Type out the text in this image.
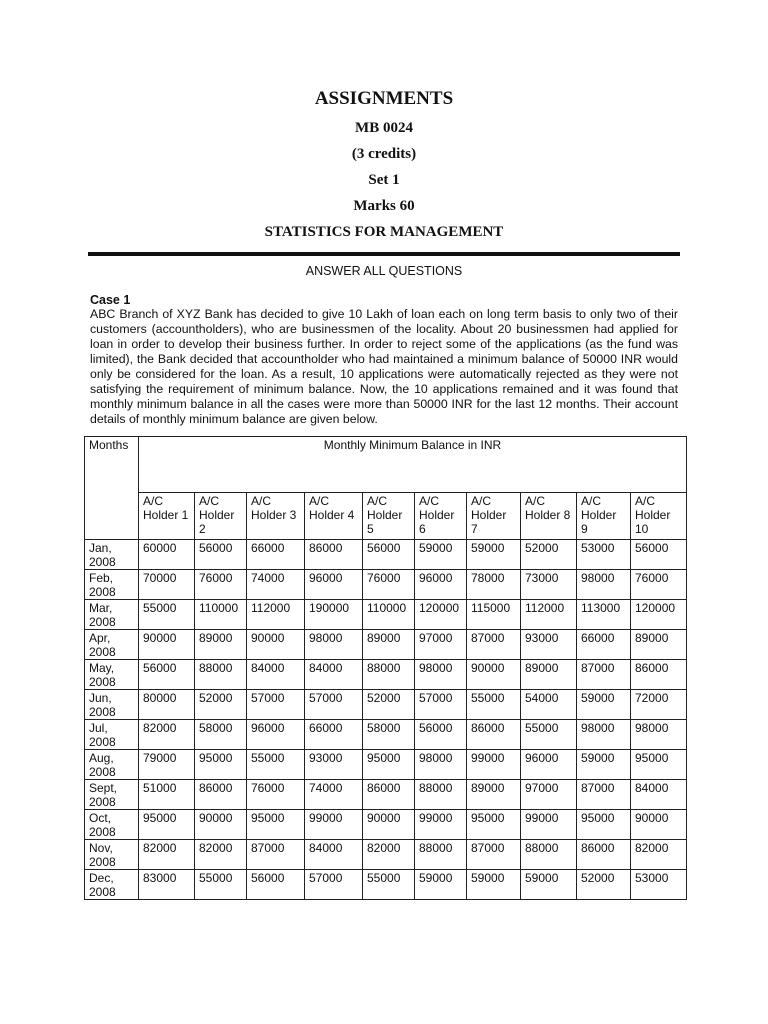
ASSIGNMENTS
MB 0024
(3 credits)
Set 1
Marks 60
STATISTICS FOR MANAGEMENT
ANSWER ALL QUESTIONS
Case 1
ABC Branch of XYZ Bank has decided to give 10 Lakh of loan each on long term basis to only two of their customers (accountholders), who are businessmen of the locality. About 20 businessmen had applied for loan in order to develop their business further. In order to reject some of the applications (as the fund was limited), the Bank decided that accountholder who had maintained a minimum balance of 50000 INR would only be considered for the loan. As a result, 10 applications were automatically rejected as they were not satisfying the requirement of minimum balance. Now, the 10 applications remained and it was found that monthly minimum balance in all the cases were more than 50000 INR for the last 12 months. Their account details of monthly minimum balance are given below.
Months	Monthly Minimum Balance in INR									
	A/C Holder 1	A/C Holder 2	A/C Holder 3	A/C Holder 4	A/C Holder 5	A/C Holder 6	A/C Holder 7	A/C Holder 8	A/C Holder 9	A/C Holder 10
Jan, 2008	60000	56000	66000	86000	56000	59000	59000	52000	53000	56000
Feb, 2008	70000	76000	74000	96000	76000	96000	78000	73000	98000	76000
Mar, 2008	55000	110000	112000	190000	110000	120000	115000	112000	113000	120000
Apr, 2008	90000	89000	90000	98000	89000	97000	87000	93000	66000	89000
May, 2008	56000	88000	84000	84000	88000	98000	90000	89000	87000	86000
Jun, 2008	80000	52000	57000	57000	52000	57000	55000	54000	59000	72000
Jul, 2008	82000	58000	96000	66000	58000	56000	86000	55000	98000	98000
Aug, 2008	79000	95000	55000	93000	95000	98000	99000	96000	59000	95000
Sept, 2008	51000	86000	76000	74000	86000	88000	89000	97000	87000	84000
Oct, 2008	95000	90000	95000	99000	90000	99000	95000	99000	95000	90000
Nov, 2008	82000	82000	87000	84000	82000	88000	87000	88000	86000	82000
Dec, 2008	83000	55000	56000	57000	55000	59000	59000	59000	52000	53000
